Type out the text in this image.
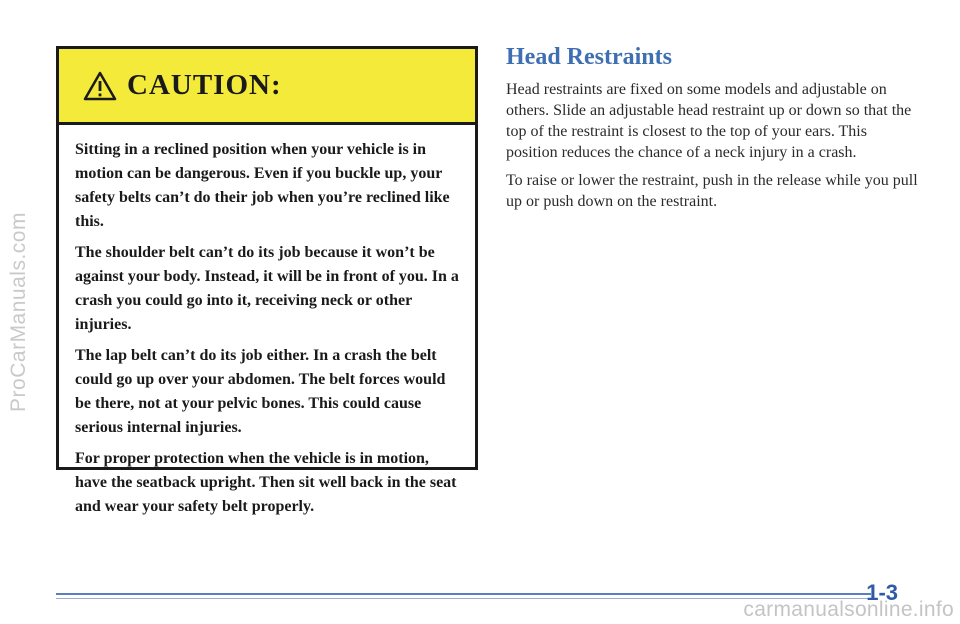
ProCarManuals.com
CAUTION:

Sitting in a reclined position when your vehicle is in motion can be dangerous. Even if you buckle up, your safety belts can’t do their job when you’re reclined like this.

The shoulder belt can’t do its job because it won’t be against your body. Instead, it will be in front of you. In a crash you could go into it, receiving neck or other injuries.

The lap belt can’t do its job either. In a crash the belt could go up over your abdomen. The belt forces would be there, not at your pelvic bones. This could cause serious internal injuries.

For proper protection when the vehicle is in motion, have the seatback upright. Then sit well back in the seat and wear your safety belt properly.

Head Restraints

Head restraints are fixed on some models and adjustable on others. Slide an adjustable head restraint up or down so that the top of the restraint is closest to the top of your ears. This position reduces the chance of a neck injury in a crash.

To raise or lower the restraint, push in the release while you pull up or push down on the restraint.

1-3
carmanualsonline.info
